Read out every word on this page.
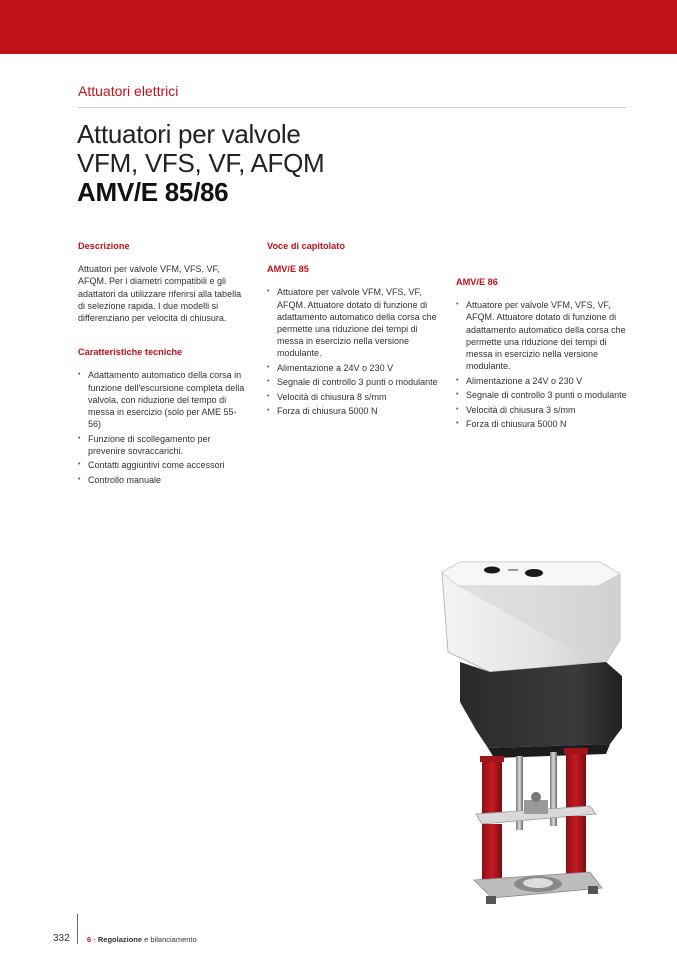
Attuatori elettrici
Attuatori per valvole
VFM, VFS, VF, AFQM
AMV/E 85/86
Descrizione
Attuatori per valvole VFM, VFS, VF, AFQM. Per i diametri compatibili e gli adattatori da utilizzare riferirsi alla tabella di selezione rapida. I due modelli si differenziano per velocita di chiusura.
Caratteristiche tecniche
• Adattamento automatico della corsa in funzione dell'escursione completa della valvola, con riduzione del tempo di messa in esercizio (solo per AME 55-56)
• Funzione di scollegamento per prevenire sovraccarichi.
• Contatti aggiuntivi come accessori
• Controllo manuale
Voce di capitolato
AMV/E 85
• Attuatore per valvole VFM, VFS, VF, AFQM. Attuatore dotato di funzione di adattamento automatico della corsa che permette una riduzione dei tempi di messa in esercizio nella versione modulante.
• Alimentazione a 24V o 230 V
• Segnale di controllo 3 punti o modulante
• Velocità di chiusura 8 s/mm
• Forza di chiusura 5000 N
AMV/E 86
• Attuatore per valvole VFM, VFS, VF, AFQM. Attuatore dotato di funzione di adattamento automatico della corsa che permette una riduzione dei tempi di messa in esercizio nella versione modulante.
• Alimentazione a 24V o 230 V
• Segnale di controllo 3 punti o modulante
• Velocità di chiusura 3 s/mm
• Forza di chiusura 5000 N
332 6 - Regolazione e bilanciamento
